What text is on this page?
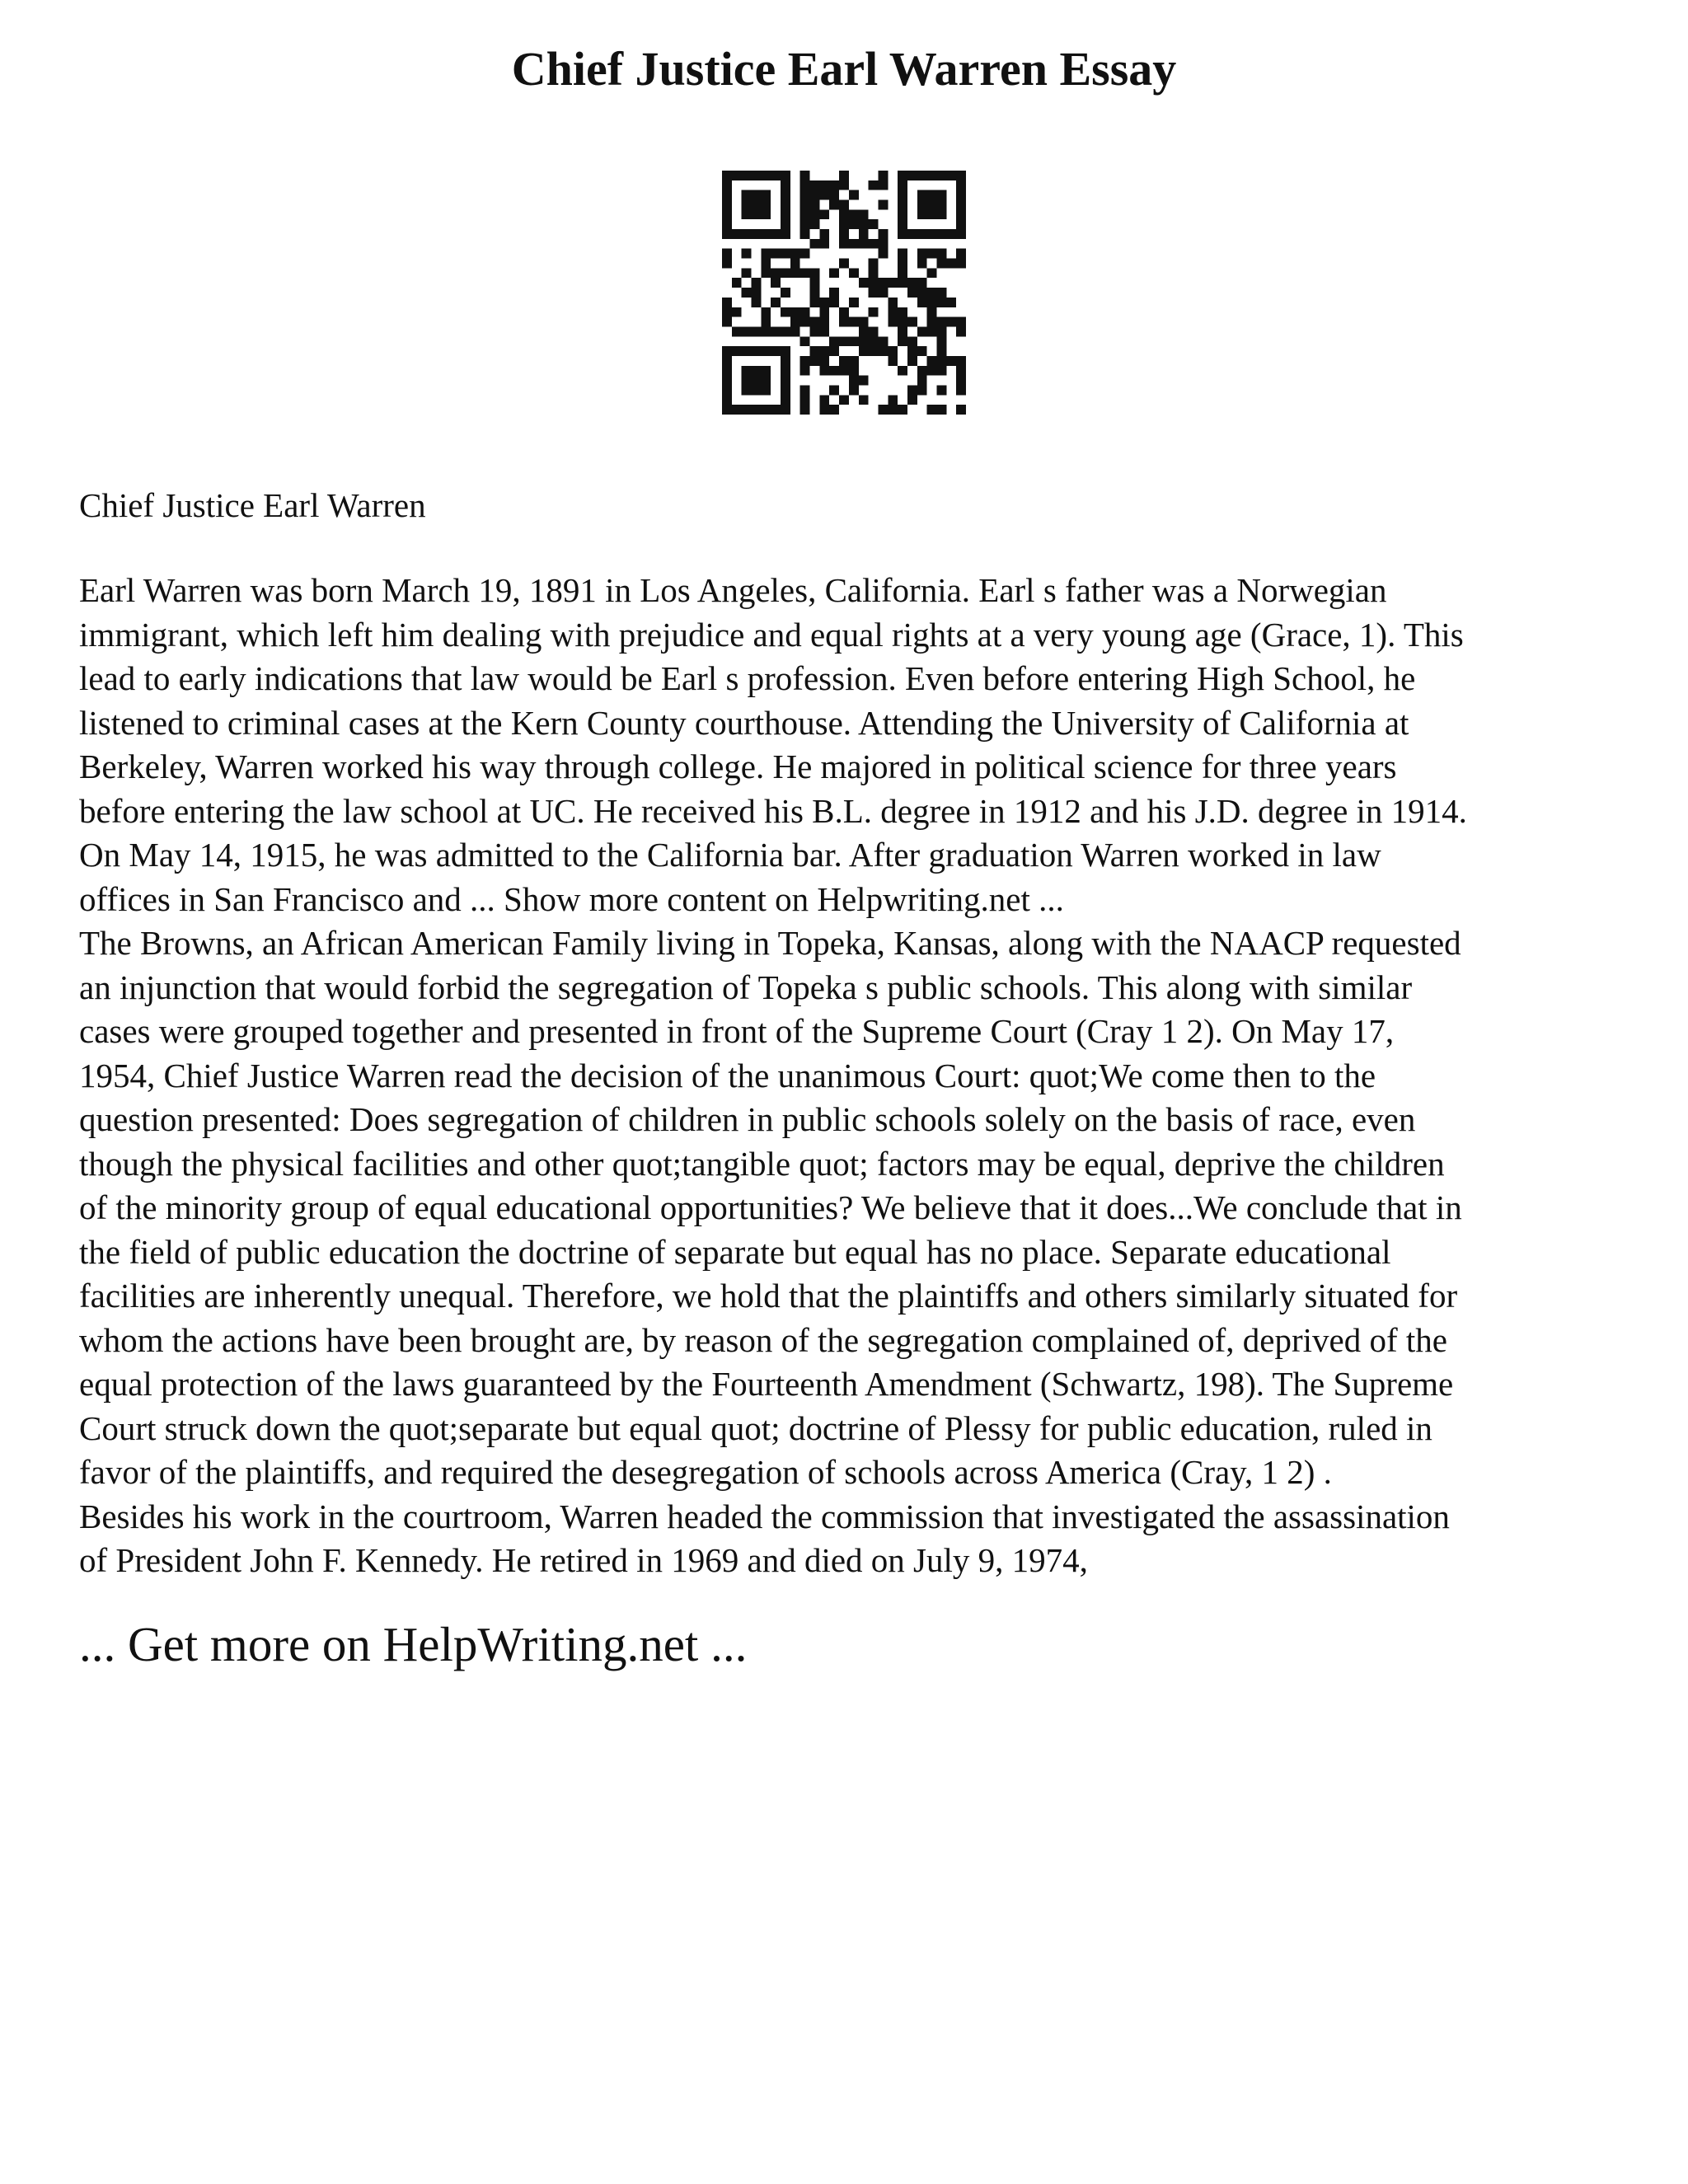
Chief Justice Earl Warren Essay

Chief Justice Earl Warren

Earl Warren was born March 19, 1891 in Los Angeles, California. Earl s father was a Norwegian

immigrant, which left him dealing with prejudice and equal rights at a very young age (Grace, 1). This

lead to early indications that law would be Earl s profession. Even before entering High School, he

listened to criminal cases at the Kern County courthouse. Attending the University of California at

Berkeley, Warren worked his way through college. He majored in political science for three years

before entering the law school at UC. He received his B.L. degree in 1912 and his J.D. degree in 1914.

On May 14, 1915, he was admitted to the California bar. After graduation Warren worked in law

offices in San Francisco and ... Show more content on Helpwriting.net ...

The Browns, an African American Family living in Topeka, Kansas, along with the NAACP requested

an injunction that would forbid the segregation of Topeka s public schools. This along with similar

cases were grouped together and presented in front of the Supreme Court (Cray 1 2). On May 17,

1954, Chief Justice Warren read the decision of the unanimous Court: quot;We come then to the

question presented: Does segregation of children in public schools solely on the basis of race, even

though the physical facilities and other quot;tangible quot; factors may be equal, deprive the children

of the minority group of equal educational opportunities? We believe that it does...We conclude that in

the field of public education the doctrine of separate but equal has no place. Separate educational

facilities are inherently unequal. Therefore, we hold that the plaintiffs and others similarly situated for

whom the actions have been brought are, by reason of the segregation complained of, deprived of the

equal protection of the laws guaranteed by the Fourteenth Amendment (Schwartz, 198). The Supreme

Court struck down the quot;separate but equal quot; doctrine of Plessy for public education, ruled in

favor of the plaintiffs, and required the desegregation of schools across America (Cray, 1 2) .

Besides his work in the courtroom, Warren headed the commission that investigated the assassination

of President John F. Kennedy. He retired in 1969 and died on July 9, 1974,

... Get more on HelpWriting.net ...
